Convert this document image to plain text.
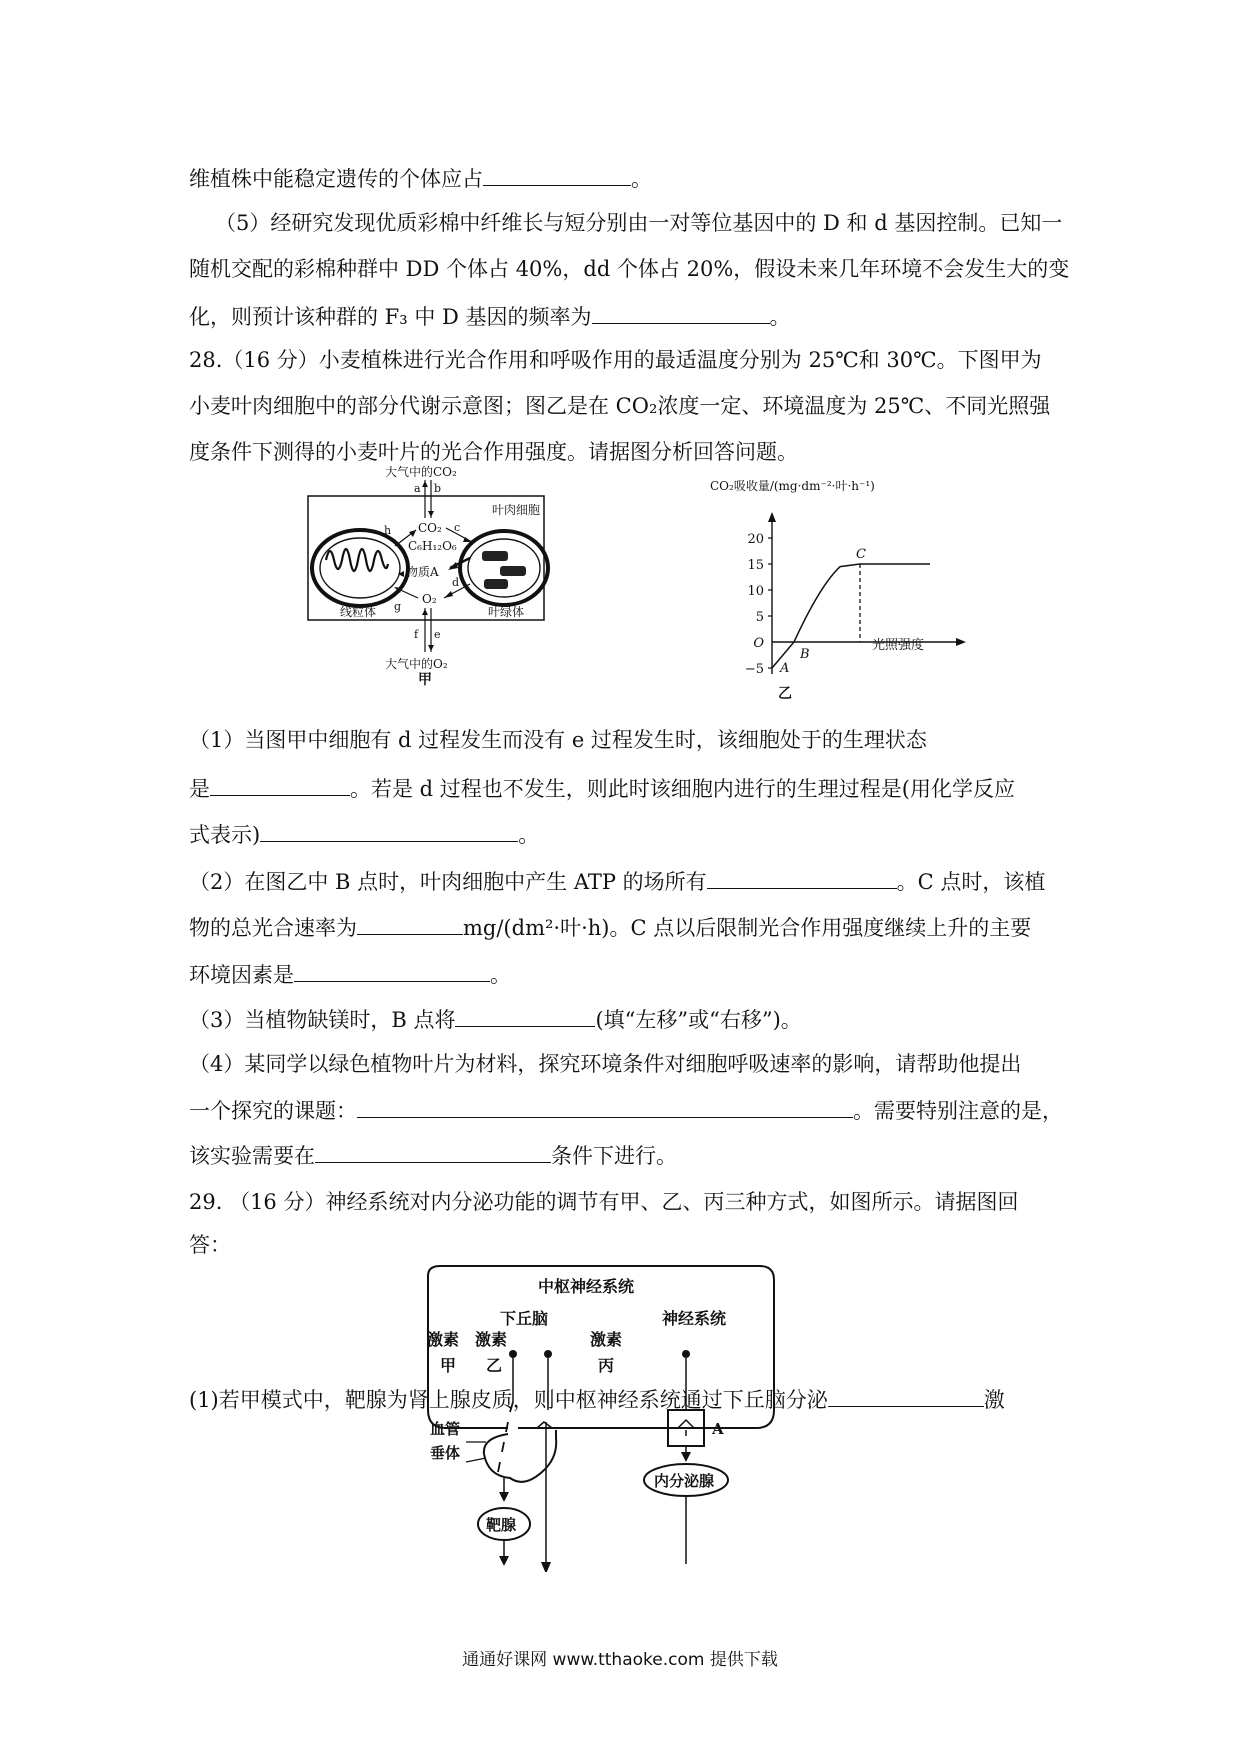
维植株中能稳定遗传的个体应占	。
（5）经研究发现优质彩棉中纤维长与短分别由一对等位基因中的 D 和 d 基因控制。已知一
随机交配的彩棉种群中 DD 个体占 40%，dd 个体占 20%，假设未来几年环境不会发生大的变
化，则预计该种群的 F₃ 中 D 基因的频率为	。
28.（16 分）小麦植株进行光合作用和呼吸作用的最适温度分别为 25℃和 30℃。下图甲为
小麦叶肉细胞中的部分代谢示意图；图乙是在 CO₂浓度一定、环境温度为 25℃、不同光照强
度条件下测得的小麦叶片的光合作用强度。请据图分析回答问题。
大气中的CO₂
a b
CO₂
C₆H₁₂O₆
物质A
O₂
叶肉细胞
线粒体	叶绿体
h	c
d
g
f e
大气中的O₂
甲
CO₂吸收量/(mg·dm⁻²·叶·h⁻¹)
20
15
10
5
O
−5 A
B
C
光照强度
乙
（1）当图甲中细胞有 d 过程发生而没有 e 过程发生时，该细胞处于的生理状态
是	。若是 d 过程也不发生，则此时该细胞内进行的生理过程是(用化学反应
式表示)	。
（2）在图乙中 B 点时，叶肉细胞中产生 ATP 的场所有	。C 点时，该植
物的总光合速率为	mg/(dm²·叶·h)。C 点以后限制光合作用强度继续上升的主要
环境因素是	。
（3）当植物缺镁时，B 点将	(填“左移”或“右移”)。
（4）某同学以绿色植物叶片为材料，探究环境条件对细胞呼吸速率的影响，请帮助他提出
一个探究的课题：	。需要特别注意的是，
该实验需要在	条件下进行。
29. （16 分）神经系统对内分泌功能的调节有甲、乙、丙三种方式，如图所示。请据图回
答：
中枢神经系统
下丘脑	神经系统
血管
垂体
靶腺
A
内分泌腺
激素
甲
激素
乙
激素
丙
(1)若甲模式中，靶腺为肾上腺皮质，则中枢神经系统通过下丘脑分泌	激
通通好课网 www.tthaoke.com 提供下载
